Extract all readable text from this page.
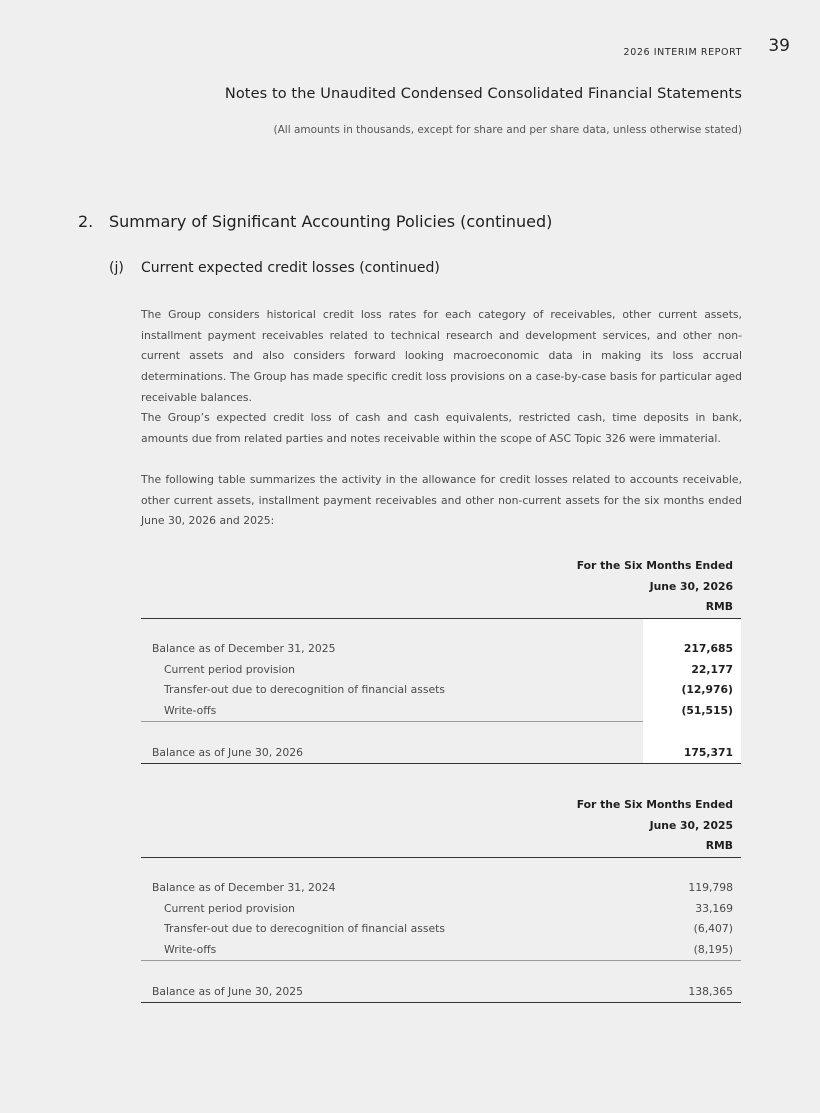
2026 INTERIM REPORT 39
Notes to the Unaudited Condensed Consolidated Financial Statements
(All amounts in thousands, except for share and per share data, unless otherwise stated)
2. Summary of Significant Accounting Policies (continued)
(j) Current expected credit losses (continued)
The Group considers historical credit loss rates for each category of receivables, other current assets, installment payment receivables related to technical research and development services, and other non-current assets and also considers forward looking macroeconomic data in making its loss accrual determinations. The Group has made specific credit loss provisions on a case-by-case basis for particular aged receivable balances.
The Group’s expected credit loss of cash and cash equivalents, restricted cash, time deposits in bank, amounts due from related parties and notes receivable within the scope of ASC Topic 326 were immaterial.
The following table summarizes the activity in the allowance for credit losses related to accounts receivable, other current assets, installment payment receivables and other non-current assets for the six months ended June 30, 2026 and 2025:
For the Six Months Ended
June 30, 2026
RMB
Balance as of December 31, 2025	217,685
Current period provision	22,177
Transfer-out due to derecognition of financial assets	(12,976)
Write-offs	(51,515)
Balance as of June 30, 2026	175,371
For the Six Months Ended
June 30, 2025
RMB
Balance as of December 31, 2024	119,798
Current period provision	33,169
Transfer-out due to derecognition of financial assets	(6,407)
Write-offs	(8,195)
Balance as of June 30, 2025	138,365
